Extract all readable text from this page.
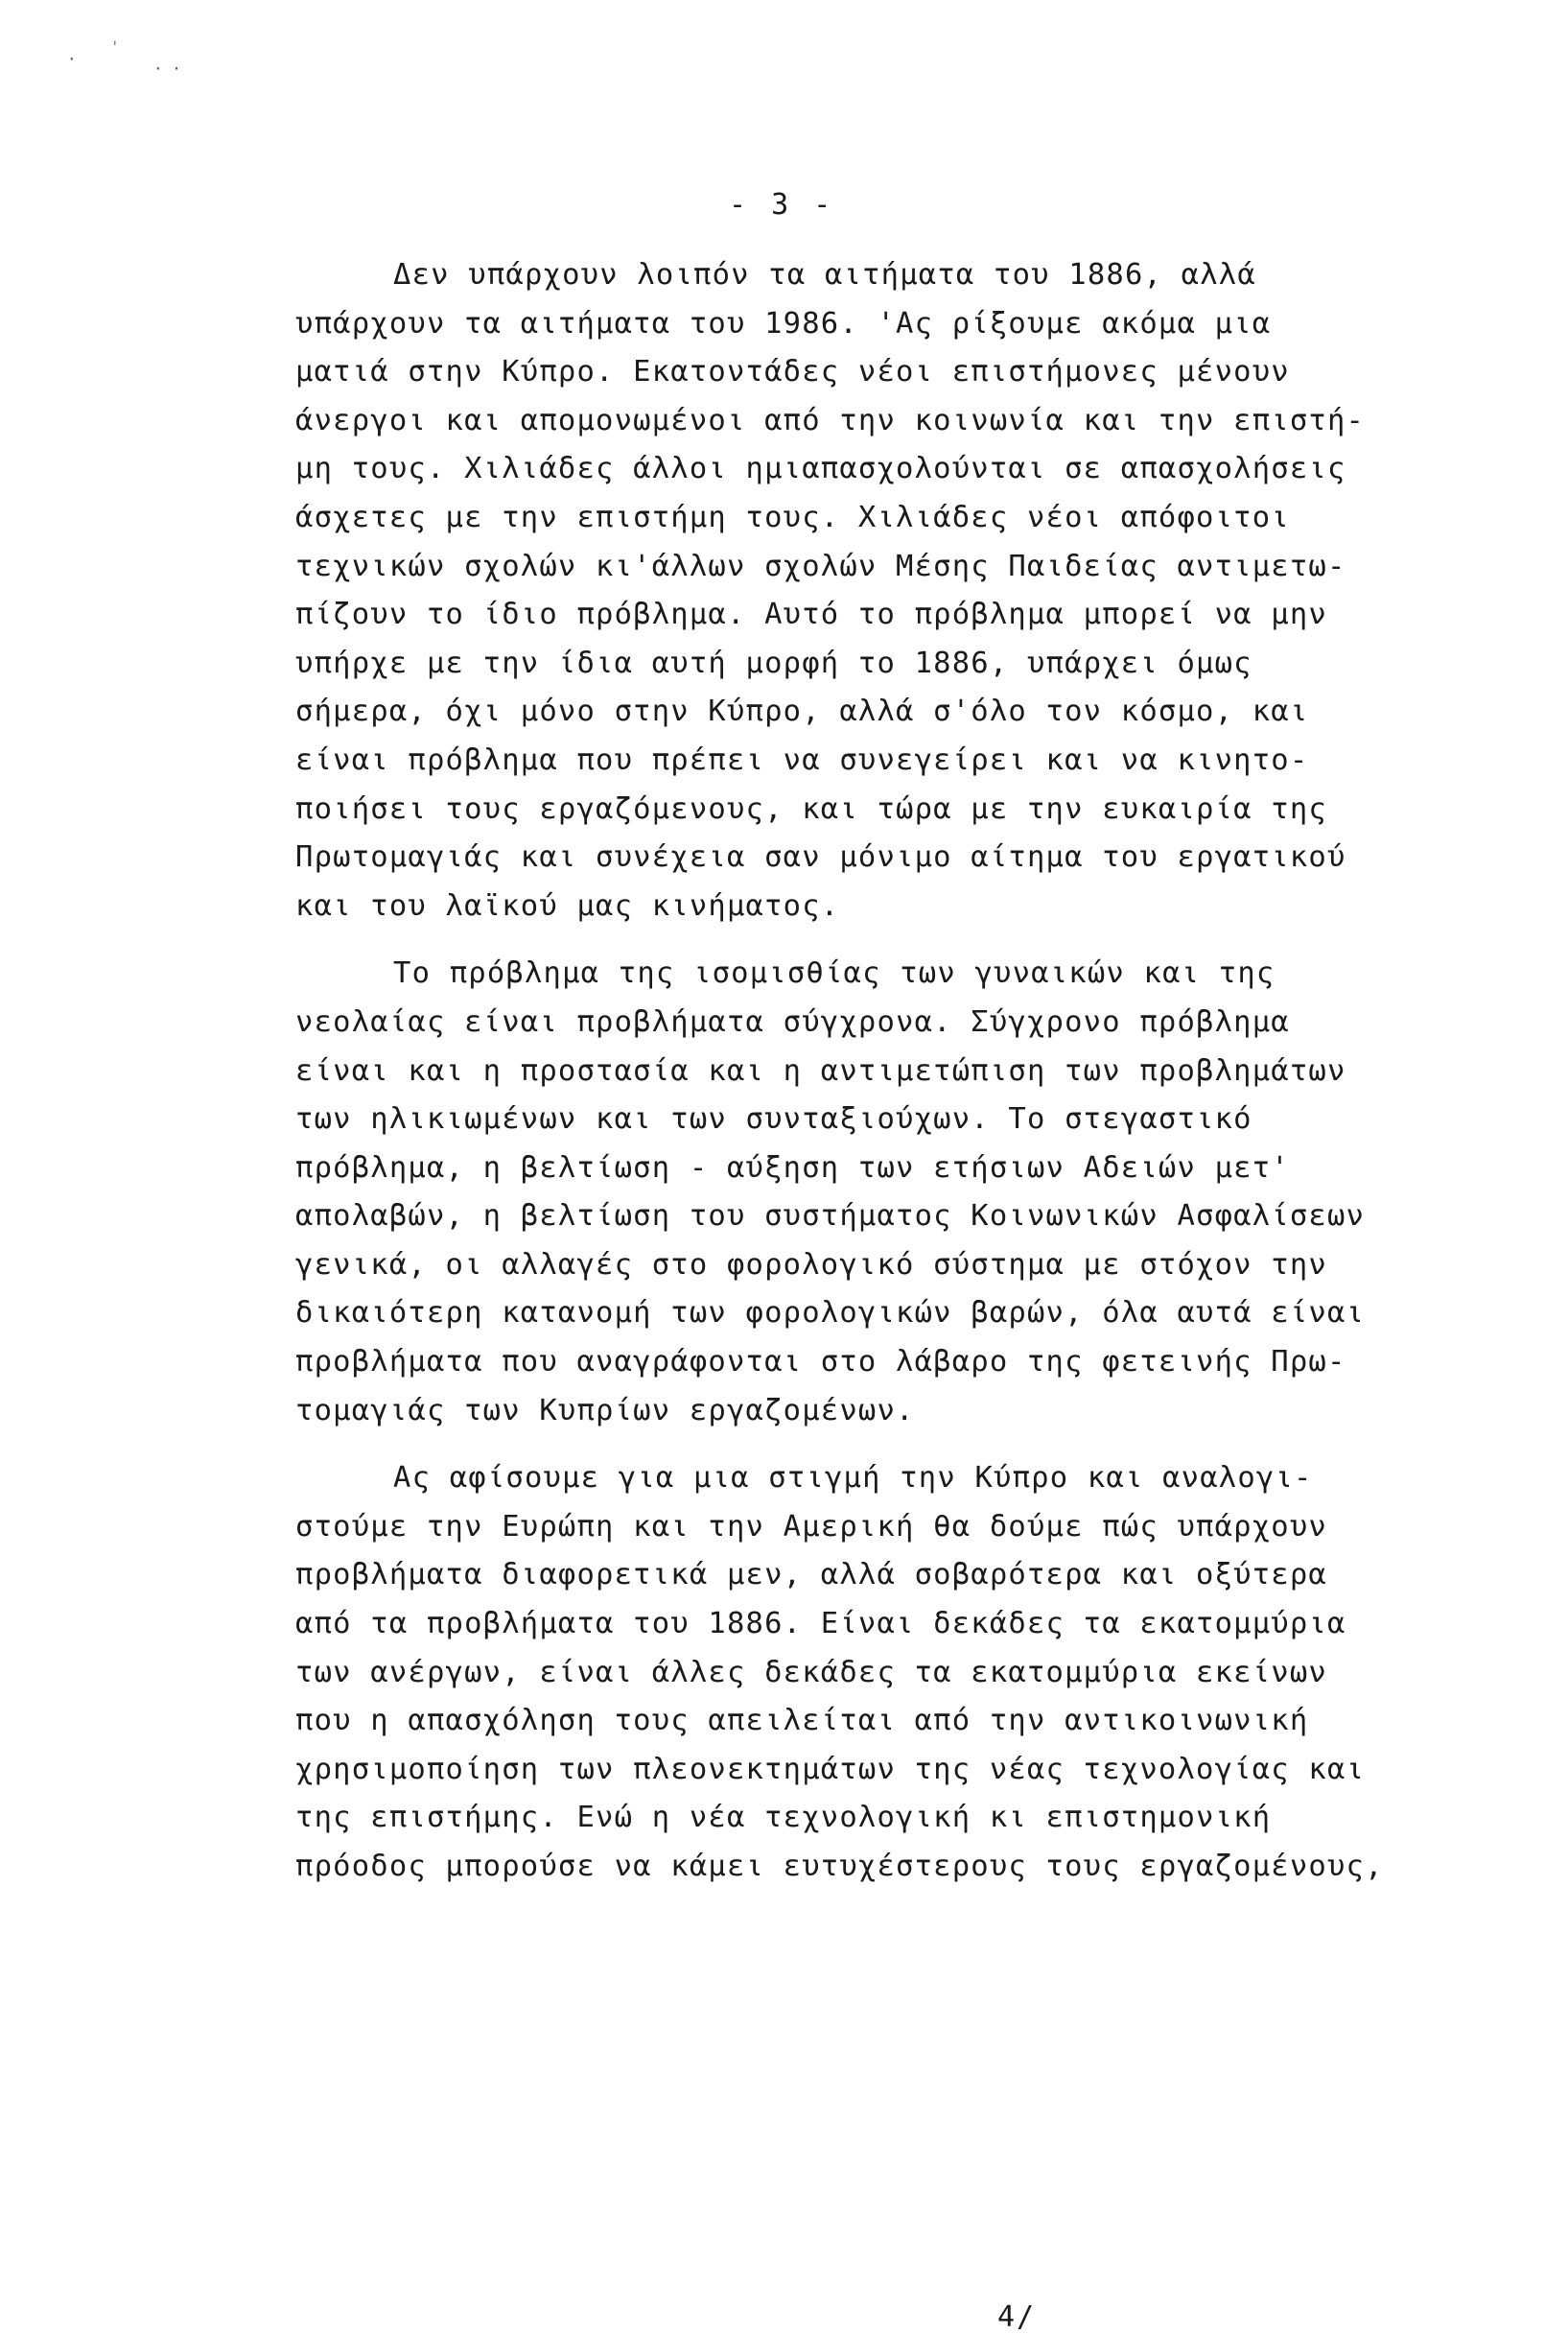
·
ˈ
· ·
- 3 -
Δεν υπάρχουν λοιπόν τα αιτήματα του 1886, αλλά
υπάρχουν τα αιτήματα του 1986. 'Ας ρίξουμε ακόμα μια
ματιά στην Κύπρο. Εκατοντάδες νέοι επιστήμονες μένουν
άνεργοι και απομονωμένοι από την κοινωνία και την επιστή-
μη τους. Χιλιάδες άλλοι ημιαπασχολούνται σε απασχολήσεις
άσχετες με την επιστήμη τους. Χιλιάδες νέοι απόφοιτοι
τεχνικών σχολών κι'άλλων σχολών Μέσης Παιδείας αντιμετω-
πίζουν το ίδιο πρόβλημα. Αυτό το πρόβλημα μπορεί να μην
υπήρχε με την ίδια αυτή μορφή το 1886, υπάρχει όμως
σήμερα, όχι μόνο στην Κύπρο, αλλά σ'όλο τον κόσμο, και
είναι πρόβλημα που πρέπει να συνεγείρει και να κινητο-
ποιήσει τους εργαζόμενους, και τώρα με την ευκαιρία της
Πρωτομαγιάς και συνέχεια σαν μόνιμο αίτημα του εργατικού
και του λαϊκού μας κινήματος.
Το πρόβλημα της ισομισθίας των γυναικών και της
νεολαίας είναι προβλήματα σύγχρονα. Σύγχρονο πρόβλημα
είναι και η προστασία και η αντιμετώπιση των προβλημάτων
των ηλικιωμένων και των συνταξιούχων. Το στεγαστικό
πρόβλημα, η βελτίωση - αύξηση των ετήσιων Αδειών μετ'
απολαβών, η βελτίωση του συστήματος Κοινωνικών Ασφαλίσεων
γενικά, οι αλλαγές στο φορολογικό σύστημα με στόχον την
δικαιότερη κατανομή των φορολογικών βαρών, όλα αυτά είναι
προβλήματα που αναγράφονται στο λάβαρο της φετεινής Πρω-
τομαγιάς των Κυπρίων εργαζομένων.
Ας αφίσουμε για μια στιγμή την Κύπρο και αναλογι-
στούμε την Ευρώπη και την Αμερική θα δούμε πώς υπάρχουν
προβλήματα διαφορετικά μεν, αλλά σοβαρότερα και οξύτερα
από τα προβλήματα του 1886. Είναι δεκάδες τα εκατομμύρια
των ανέργων, είναι άλλες δεκάδες τα εκατομμύρια εκείνων
που η απασχόληση τους απειλείται από την αντικοινωνική
χρησιμοποίηση των πλεονεκτημάτων της νέας τεχνολογίας και
της επιστήμης. Ενώ η νέα τεχνολογική κι επιστημονική
πρόοδος μπορούσε να κάμει ευτυχέστερους τους εργαζομένους,
4/
